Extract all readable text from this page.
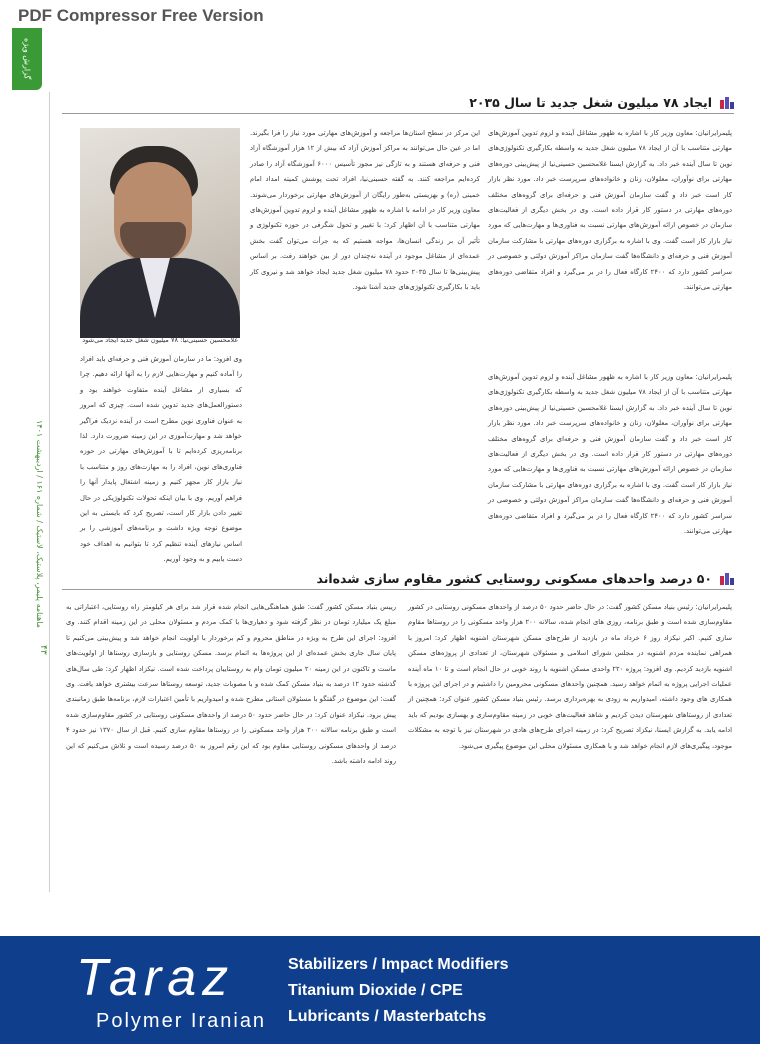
PDF Compressor Free Version
گزارش ویژه
ماهنامه پلیمر، پلاستیک، لاستیک / شماره ۱۶۱ / اردیبهشت ۱۴۰۱
۴۳
ایجاد ۷۸ میلیون شغل جدید تا سال ۲۰۳۵
پلیمرایرانیان: معاون وزیر کار با اشاره به ظهور مشاغل آینده و لزوم تدوین آموزش‌های مهارتی متناسب با آن از ایجاد ۷۸ میلیون شغل جدید به واسطه بکارگیری تکنولوژی‌های نوین تا سال آینده خبر داد. به گزارش ایسنا غلامحسین حسینی‌نیا از پیش‌بینی دوره‌های مهارتی برای نوآوران، معلولان، زنان و خانواده‌های سرپرست خبر داد. مورد نظر بازار کار است خبر داد و گفت سازمان آموزش فنی و حرفه‌ای برای گروه‌های مختلف دوره‌های مهارتی در دستور کار قرار داده است. وی در بخش دیگری از فعالیت‌های سازمان در خصوص ارائه آموزش‌های مهارتی نسبت به فناوری‌ها و مهارت‌هایی که مورد نیاز بازار کار است گفت. وی با اشاره به برگزاری دوره‌های مهارتی با مشارکت سازمان آموزش فنی و حرفه‌ای و دانشگاه‌ها گفت سازمان مراکز آموزش دولتی و خصوصی در سراسر کشور دارد که ۲۴۰۰ کارگاه فعال را در بر می‌گیرد و افراد متقاضی دوره‌های مهارتی می‌توانند.
این مرکز در سطح استان‌ها مراجعه و آموزش‌های مهارتی مورد نیاز را فرا بگیرند. اما در عین حال می‌توانند به مراکز آموزش آزاد که بیش از ۱۲ هزار آموزشگاه آزاد فنی و حرفه‌ای هستند و به تازگی نیز مجوز تأسیس ۶۰۰۰ آموزشگاه آزاد را صادر کرده‌ایم مراجعه کنند. به گفته حسینی‌نیا، افراد تحت پوشش کمیته امداد امام خمینی (ره) و بهزیستی به‌طور رایگان از آموزش‌های مهارتی برخوردار می‌شوند. معاون وزیر کار در ادامه با اشاره به ظهور مشاغل آینده و لزوم تدوین آموزش‌های مهارتی متناسب با آن اظهار کرد: با تغییر و تحول شگرفی در حوزه تکنولوژی و تأثیر آن بر زندگی انسان‌ها، مواجه هستیم که به جرأت می‌توان گفت بخش عمده‌ای از مشاغل موجود در آینده نه‌چندان دور از بین خواهند رفت. بر اساس پیش‌بینی‌ها تا سال ۲۰۳۵ حدود ۷۸ میلیون شغل جدید ایجاد خواهد شد و نیروی کار باید با بکارگیری تکنولوژی‌های جدید آشنا شود.
پلیمرایرانیان: معاون وزیر کار با اشاره به ظهور مشاغل آینده و لزوم تدوین آموزش‌های مهارتی متناسب با آن از ایجاد ۷۸ میلیون شغل جدید به واسطه بکارگیری تکنولوژی‌های نوین تا سال آینده خبر داد. به گزارش ایسنا غلامحسین حسینی‌نیا از پیش‌بینی دوره‌های مهارتی برای نوآوران، معلولان، زنان و خانواده‌های سرپرست خبر داد. مورد نظر بازار کار است خبر داد و گفت سازمان آموزش فنی و حرفه‌ای برای گروه‌های مختلف دوره‌های مهارتی در دستور کار قرار داده است. وی در بخش دیگری از فعالیت‌های سازمان در خصوص ارائه آموزش‌های مهارتی نسبت به فناوری‌ها و مهارت‌هایی که مورد نیاز بازار کار است گفت. وی با اشاره به برگزاری دوره‌های مهارتی با مشارکت سازمان آموزش فنی و حرفه‌ای و دانشگاه‌ها گفت سازمان مراکز آموزش دولتی و خصوصی در سراسر کشور دارد که ۲۴۰۰ کارگاه فعال را در بر می‌گیرد و افراد متقاضی دوره‌های مهارتی می‌توانند.
غلامحسین حسینی‌نیا: ۷۸ میلیون شغل جدید ایجاد می‌شود
وی افزود: ما در سازمان آموزش فنی و حرفه‌ای باید افراد را آماده کنیم و مهارت‌هایی لازم را به آنها ارائه دهیم. چرا که بسیاری از مشاغل آینده متفاوت خواهند بود و دستورالعمل‌های جدید تدوین شده است. چیزی که امروز به عنوان فناوری نوین مطرح است در آینده نزدیک فراگیر خواهد شد و مهارت‌آموزی در این زمینه ضرورت دارد. لذا برنامه‌ریزی کرده‌ایم تا با آموزش‌های مهارتی در حوزه فناوری‌های نوین، افراد را به مهارت‌های روز و متناسب با نیاز بازار کار مجهز کنیم و زمینه اشتغال پایدار آنها را فراهم آوریم. وی با بیان اینکه تحولات تکنولوژیکی در حال تغییر دادن بازار کار است، تصریح کرد که بایستی به این موضوع توجه ویژه داشت و برنامه‌های آموزشی را بر اساس نیازهای آینده تنظیم کرد تا بتوانیم به اهداف خود دست یابیم و به وجود آوریم.
۵۰ درصد واحدهای مسکونی روستایی کشور مقاوم سازی شده‌اند
پلیمرایرانیان: رئیس بنیاد مسکن کشور گفت: در حال حاضر حدود ۵۰ درصد از واحدهای مسکونی روستایی در کشور مقاوم‌سازی شده است و طبق برنامه، روزی های انجام شده، سالانه ۲۰۰ هزار واحد مسکونی را در روستاها مقاوم سازی کنیم. اکبر نیکزاد روز ۶ خرداد ماه در بازدید از طرح‌های مسکن شهرستان اشنویه اظهار کرد: امروز با همراهی نماینده مردم اشنویه در مجلس شورای اسلامی و مسئولان شهرستان، از تعدادی از پروژه‌های مسکن اشنویه بازدید کردیم. وی افزود: پروژه ۲۲۰ واحدی مسکن اشنویه با روند خوبی در حال انجام است و تا ۱۰ ماه آینده عملیات اجرایی پروژه به اتمام خواهد رسید. همچنین واحدهای مسکونی محرومین را داشتیم و در اجرای این پروژه با همکاری های وجود داشته، امیدواریم به زودی به بهره‌برداری برسد. رئیس بنیاد مسکن کشور عنوان کرد: همچنین از تعدادی از روستاهای شهرستان دیدن کردیم و شاهد فعالیت‌های خوبی در زمینه مقاوم‌سازی و بهسازی بودیم که باید ادامه یابد. به گزارش ایسنا، نیکزاد تصریح کرد: در زمینه اجرای طرح‌های هادی در شهرستان نیز با توجه به مشکلات موجود، پیگیری‌های لازم انجام خواهد شد و با همکاری مسئولان محلی این موضوع پیگیری می‌شود.
رییس بنیاد مسکن کشور گفت: طبق هماهنگی‌هایی انجام شده قرار شد برای هر کیلومتر راه روستایی، اعتباراتی به مبلغ یک میلیارد تومان در نظر گرفته شود و دهیاری‌ها با کمک مردم و مسئولان محلی در این زمینه اقدام کنند. وی افزود: اجرای این طرح به ویژه در مناطق محروم و کم برخوردار با اولویت انجام خواهد شد و پیش‌بینی می‌کنیم تا پایان سال جاری بخش عمده‌ای از این پروژه‌ها به اتمام برسد. مسکن روستایی و بازسازی روستاها از اولویت‌های ماست و تاکنون در این زمینه ۲۰ میلیون تومان وام به روستاییان پرداخت شده است. نیکزاد اظهار کرد: طی سال‌های گذشته حدود ۱۲ درصد به بنیاد مسکن کمک شده و با مصوبات جدید، توسعه روستاها سرعت بیشتری خواهد یافت. وی گفت: این موضوع در گفتگو با مسئولان استانی مطرح شده و امیدواریم با تأمین اعتبارات لازم، برنامه‌ها طبق زمانبندی پیش برود. نیکزاد عنوان کرد: در حال حاضر حدود ۵۰ درصد از واحدهای مسکونی روستایی در کشور مقاوم‌سازی شده است و طبق برنامه سالانه ۲۰۰ هزار واحد مسکونی را در روستاها مقاوم سازی کنیم. قبل از سال ۱۳۷۰ نیز حدود ۴ درصد از واحدهای مسکونی روستایی مقاوم بود که این رقم امروز به ۵۰ درصد رسیده است و تلاش می‌کنیم که این روند ادامه داشته باشد.
Taraz
Polymer Iranian
Stabilizers / Impact Modifiers
Titanium Dioxide / CPE
Lubricants / Masterbatchs
